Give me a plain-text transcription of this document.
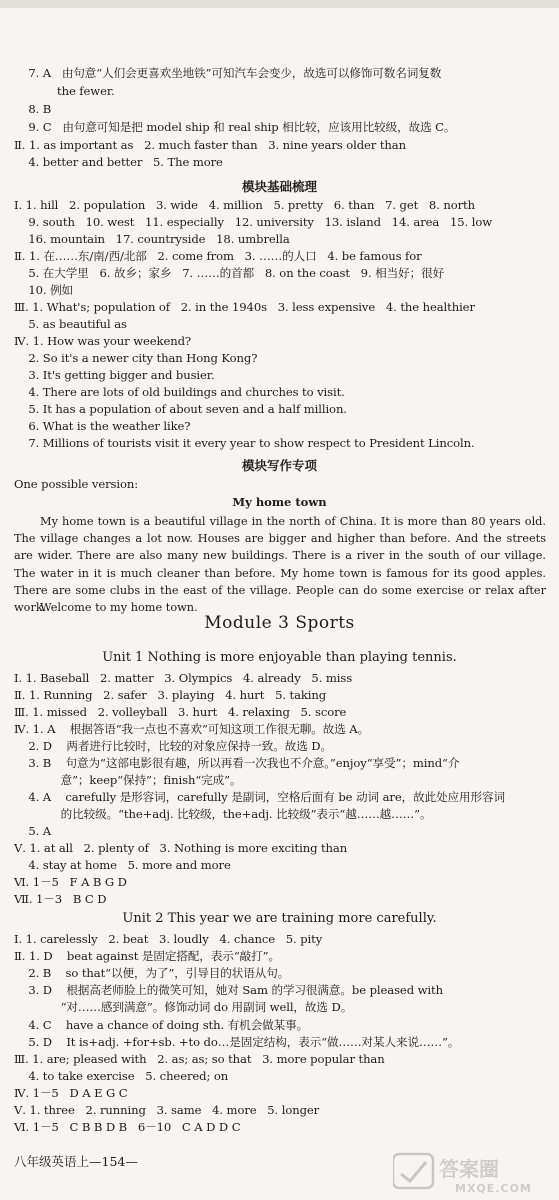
7. A   由句意“人们会更喜欢坐地铁”可知汽车会变少，故选可以修饰可数名词复数
the fewer.
8. B
9. C   由句意可知是把 model ship 和 real ship 相比较，应该用比较级，故选 C。
Ⅱ. 1. as important as   2. much faster than   3. nine years older than
4. better and better   5. The more
模块基础梳理
Ⅰ. 1. hill   2. population   3. wide   4. million   5. pretty   6. than   7. get   8. north
9. south   10. west   11. especially   12. university   13. island   14. area   15. low
16. mountain   17. countryside   18. umbrella
Ⅱ. 1. 在……东/南/西/北部   2. come from   3. ……的人口   4. be famous for
5. 在大学里   6. 故乡；家乡   7. ……的首都   8. on the coast   9. 相当好；很好
10. 例如
Ⅲ. 1. What's; population of   2. in the 1940s   3. less expensive   4. the healthier
5. as beautiful as
Ⅳ. 1. How was your weekend?
2. So it's a newer city than Hong Kong?
3. It's getting bigger and busier.
4. There are lots of old buildings and churches to visit.
5. It has a population of about seven and a half million.
6. What is the weather like?
7. Millions of tourists visit it every year to show respect to President Lincoln.
模块写作专项
One possible version:
My home town
My home town is a beautiful village in the north of China. It is more than 80 years old. The village changes a lot now. Houses are bigger and higher than before. And the streets are wider. There are also many new buildings. There is a river in the south of our village. The water in it is much cleaner than before. My home town is famous for its good apples. There are some clubs in the east of the village. People can do some exercise or relax after work.
Welcome to my home town.
Module 3 Sports
Unit 1 Nothing is more enjoyable than playing tennis.
Ⅰ. 1. Baseball   2. matter   3. Olympics   4. already   5. miss
Ⅱ. 1. Running   2. safer   3. playing   4. hurt   5. taking
Ⅲ. 1. missed   2. volleyball   3. hurt   4. relaxing   5. score
Ⅳ. 1. A    根据答语“我一点也不喜欢”可知这项工作很无聊。故选 A。
2. D    两者进行比较时，比较的对象应保持一致。故选 D。
3. B    句意为“这部电影很有趣，所以再看一次我也不介意。”enjoy“享受”；mind“介
意”；keep“保持”；finish“完成”。
4. A    carefully 是形容词，carefully 是副词，空格后面有 be 动词 are，故此处应用形容词
的比较级。“the+adj. 比较级，the+adj. 比较级”表示“越……越……”。
5. A
Ⅴ. 1. at all   2. plenty of   3. Nothing is more exciting than
4. stay at home   5. more and more
Ⅵ. 1－5   F A B G D
Ⅶ. 1－3   B C D
Unit 2 This year we are training more carefully.
Ⅰ. 1. carelessly   2. beat   3. loudly   4. chance   5. pity
Ⅱ. 1. D    beat against 是固定搭配，表示“敲打”。
2. B    so that“以便，为了”，引导目的状语从句。
3. D    根据高老师脸上的微笑可知，她对 Sam 的学习很满意。be pleased with
“对……感到满意”。修饰动词 do 用副词 well，故选 D。
4. C    have a chance of doing sth. 有机会做某事。
5. D    It is+adj. +for+sb. +to do…是固定结构，表示“做……对某人来说……”。
Ⅲ. 1. are; pleased with   2. as; as; so that   3. more popular than
4. to take exercise   5. cheered; on
Ⅳ. 1－5   D A E G C
Ⅴ. 1. three   2. running   3. same   4. more   5. longer
Ⅵ. 1－5   C B B D B   6－10   C A D D C
八年级英语上—154—	答案圈
MXQE.COM
